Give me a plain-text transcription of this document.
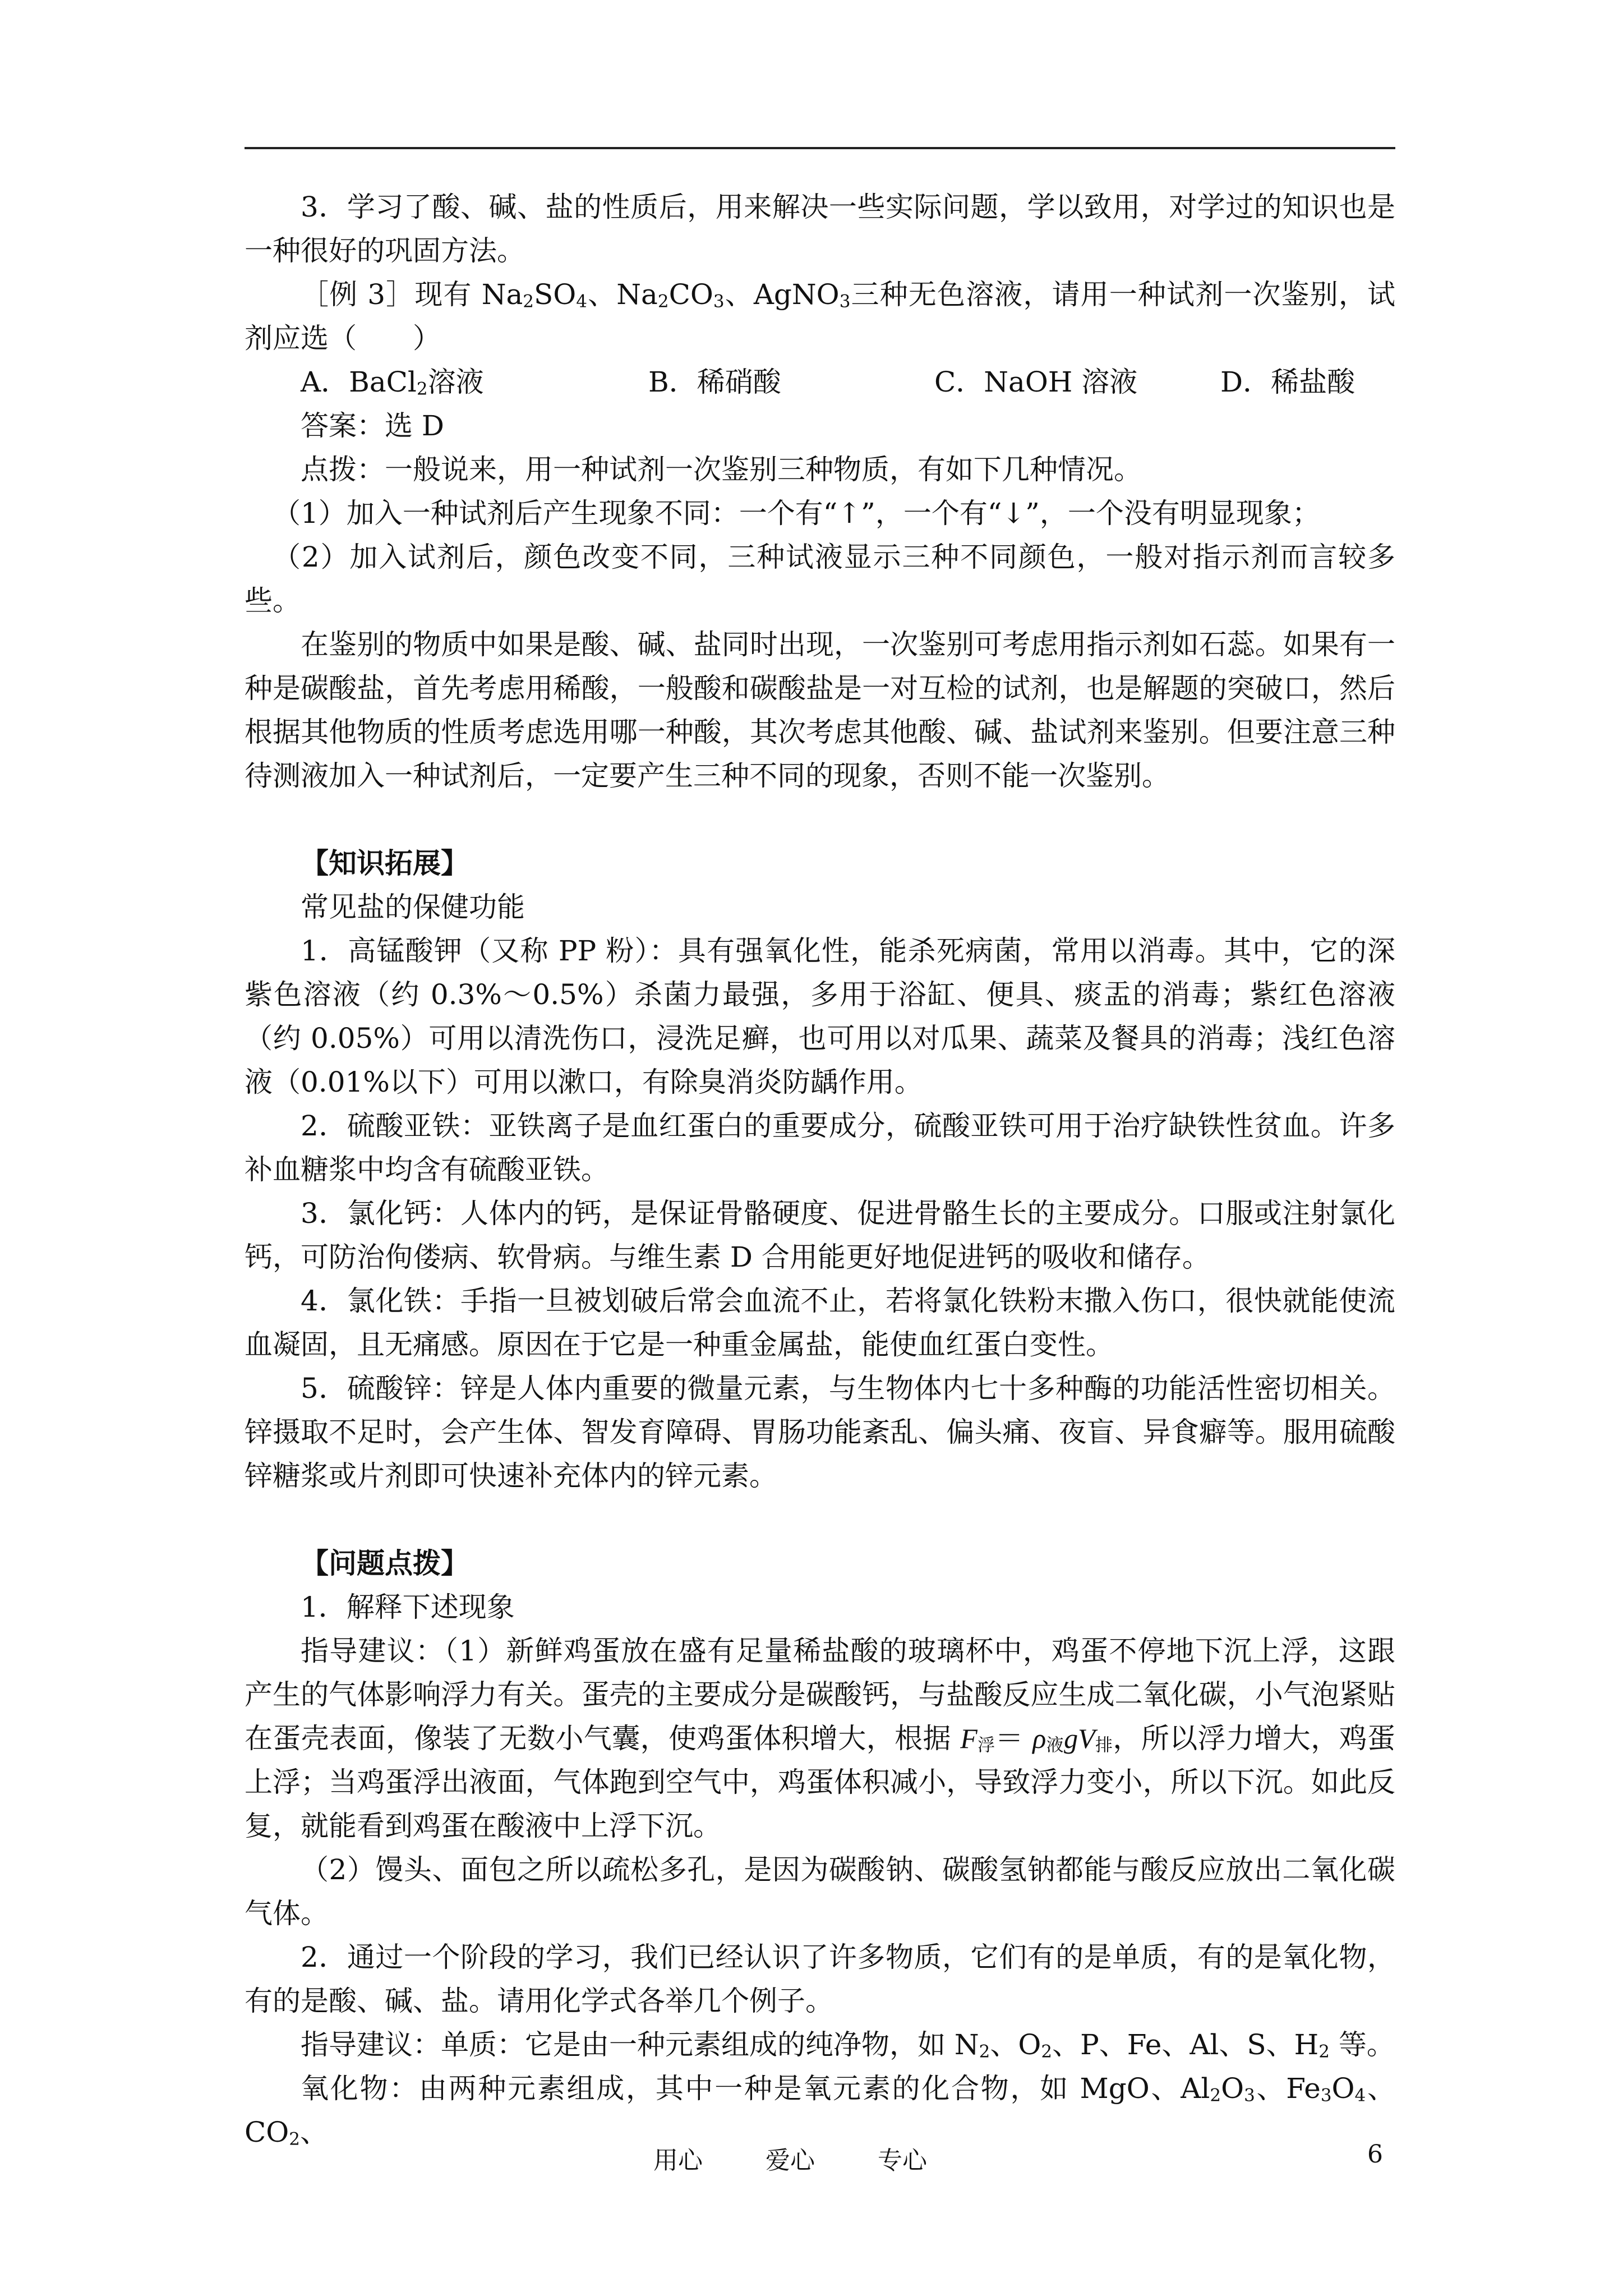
3．学习了酸、碱、盐的性质后，用来解决一些实际问题，学以致用，对学过的知识也是一种很好的巩固方法。

［例 3］现有 $Na_2SO_4$、$Na_2CO_3$、AgNO$_3$三种无色溶液，请用一种试剂一次鉴别，试剂应选（　　）

A．BaCl$_2$溶液	B．稀硝酸	C．NaOH 溶液	D．稀盐酸

答案：选 D

点拨：一般说来，用一种试剂一次鉴别三种物质，有如下几种情况。

（1）加入一种试剂后产生现象不同：一个有“↑”，一个有“↓”，一个没有明显现象；

（2）加入试剂后，颜色改变不同，三种试液显示三种不同颜色，一般对指示剂而言较多些。

在鉴别的物质中如果是酸、碱、盐同时出现，一次鉴别可考虑用指示剂如石蕊。如果有一种是碳酸盐，首先考虑用稀酸，一般酸和碳酸盐是一对互检的试剂，也是解题的突破口，然后根据其他物质的性质考虑选用哪一种酸，其次考虑其他酸、碱、盐试剂来鉴别。但要注意三种待测液加入一种试剂后，一定要产生三种不同的现象，否则不能一次鉴别。

【知识拓展】

常见盐的保健功能

1．高锰酸钾（又称 PP 粉）：具有强氧化性，能杀死病菌，常用以消毒。其中，它的深紫色溶液（约 0.3%～0.5%）杀菌力最强，多用于浴缸、便具、痰盂的消毒；紫红色溶液（约 0.05%）可用以清洗伤口，浸洗足癣，也可用以对瓜果、蔬菜及餐具的消毒；浅红色溶液（0.01%以下）可用以漱口，有除臭消炎防龋作用。

2．硫酸亚铁：亚铁离子是血红蛋白的重要成分，硫酸亚铁可用于治疗缺铁性贫血。许多补血糖浆中均含有硫酸亚铁。

3．氯化钙：人体内的钙，是保证骨骼硬度、促进骨骼生长的主要成分。口服或注射氯化钙，可防治佝偻病、软骨病。与维生素 D 合用能更好地促进钙的吸收和储存。

4．氯化铁：手指一旦被划破后常会血流不止，若将氯化铁粉末撒入伤口，很快就能使流血凝固，且无痛感。原因在于它是一种重金属盐，能使血红蛋白变性。

5．硫酸锌：锌是人体内重要的微量元素，与生物体内七十多种酶的功能活性密切相关。锌摄取不足时，会产生体、智发育障碍、胃肠功能紊乱、偏头痛、夜盲、异食癖等。服用硫酸锌糖浆或片剂即可快速补充体内的锌元素。

【问题点拨】

1．解释下述现象

指导建议：（1）新鲜鸡蛋放在盛有足量稀盐酸的玻璃杯中，鸡蛋不停地下沉上浮，这跟产生的气体影响浮力有关。蛋壳的主要成分是碳酸钙，与盐酸反应生成二氧化碳，小气泡紧贴在蛋壳表面，像装了无数小气囊，使鸡蛋体积增大，根据 $F_浮= \rho_液gV_排$，所以浮力增大，鸡蛋上浮；当鸡蛋浮出液面，气体跑到空气中，鸡蛋体积减小，导致浮力变小，所以下沉。如此反复，就能看到鸡蛋在酸液中上浮下沉。

（2）馒头、面包之所以疏松多孔，是因为碳酸钠、碳酸氢钠都能与酸反应放出二氧化碳气体。

2．通过一个阶段的学习，我们已经认识了许多物质，它们有的是单质，有的是氧化物，有的是酸、碱、盐。请用化学式各举几个例子。

指导建议：单质：它是由一种元素组成的纯净物，如 $N_2$、$O_2$、P、Fe、Al、S、$H_2$ 等。

氧化物：由两种元素组成，其中一种是氧元素的化合物，如 MgO、$Al_2O_3$、$Fe_3O_4$、$CO_2$、

用心	爱心	专心	6
